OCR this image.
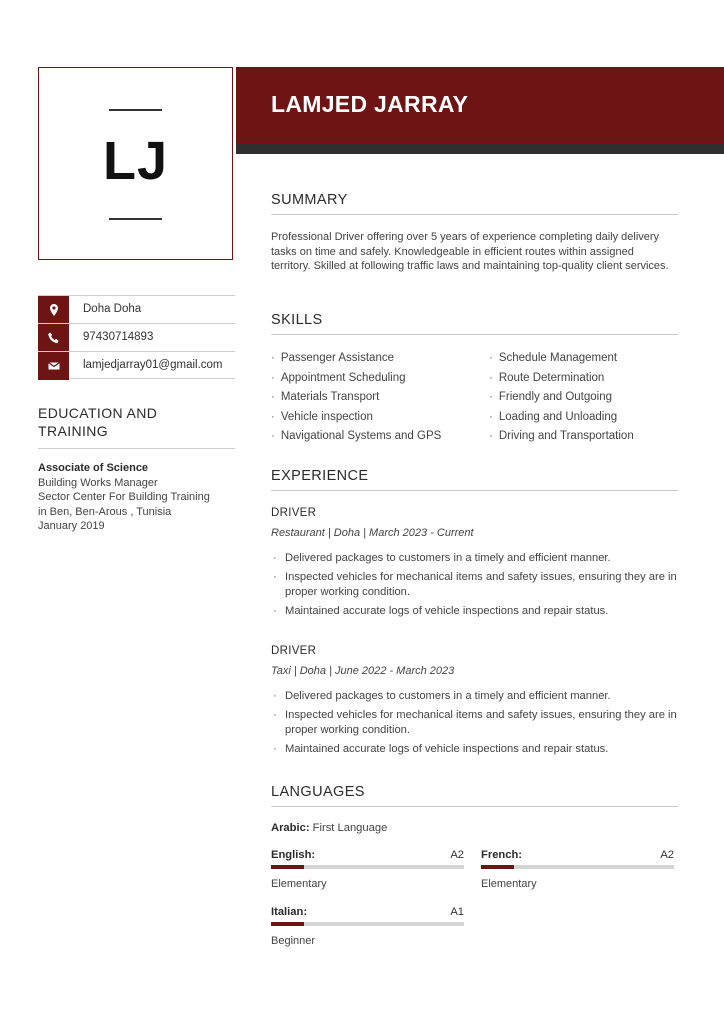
LAMJED JARRAY
LJ
Doha Doha
97430714893
lamjedjarray01@gmail.com
EDUCATION AND
TRAINING
Associate of Science
Building Works Manager
Sector Center For Building Training
in Ben, Ben-Arous , Tunisia
January 2019
SUMMARY
Professional Driver offering over 5 years of experience completing daily delivery tasks on time and safely. Knowledgeable in efficient routes within assigned territory. Skilled at following traffic laws and maintaining top-quality client services.
SKILLS
· Passenger Assistance	· Schedule Management
· Appointment Scheduling	· Route Determination
· Materials Transport	· Friendly and Outgoing
· Vehicle inspection	· Loading and Unloading
· Navigational Systems and GPS	· Driving and Transportation
EXPERIENCE
DRIVER
Restaurant | Doha | March 2023 - Current
· Delivered packages to customers in a timely and efficient manner.
· Inspected vehicles for mechanical items and safety issues, ensuring they are in proper working condition.
· Maintained accurate logs of vehicle inspections and repair status.
DRIVER
Taxi | Doha | June 2022 - March 2023
· Delivered packages to customers in a timely and efficient manner.
· Inspected vehicles for mechanical items and safety issues, ensuring they are in proper working condition.
· Maintained accurate logs of vehicle inspections and repair status.
LANGUAGES
Arabic: First Language
English:	A2
Elementary
French:	A2
Elementary
Italian:	A1
Beginner
